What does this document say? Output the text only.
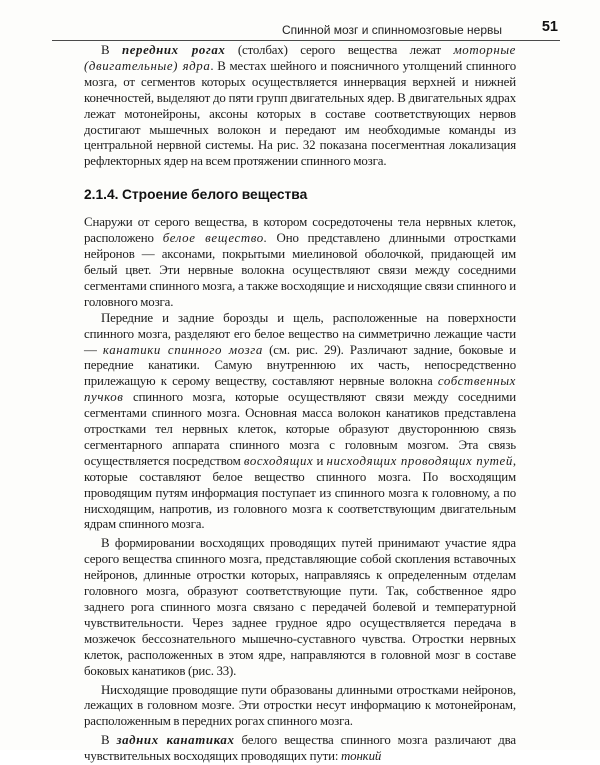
Спинной мозг и спинномозговые нервы	51

В передних рогах (столбах) серого вещества лежат моторные (двигательные) ядра. В местах шейного и поясничного утолщений спинного мозга, от сегментов которых осуществляется иннервация верхней и нижней конечностей, выделяют до пяти групп двигательных ядер. В двигательных ядрах лежат мотонейроны, аксоны которых в составе соответствующих нервов достигают мышечных волокон и передают им необходимые команды из центральной нервной системы. На рис. 32 показана посегментная локализация рефлекторных ядер на всем протяжении спинного мозга.

2.1.4. Строение белого вещества

Снаружи от серого вещества, в котором сосредоточены тела нервных клеток, расположено белое вещество. Оно представлено длинными отростками нейронов — аксонами, покрытыми миелиновой оболочкой, придающей им белый цвет. Эти нервные волокна осуществляют связи между соседними сегментами спинного мозга, а также восходящие и нисходящие связи спинного и головного мозга.

Передние и задние борозды и щель, расположенные на поверхности спинного мозга, разделяют его белое вещество на симметрично лежащие части — канатики спинного мозга (см. рис. 29). Различают задние, боковые и передние канатики. Самую внутреннюю их часть, непосредственно прилежащую к серому веществу, составляют нервные волокна собственных пучков спинного мозга, которые осуществляют связи между соседними сегментами спинного мозга. Основная масса волокон канатиков представлена отростками тел нервных клеток, которые образуют двустороннюю связь сегментарного аппарата спинного мозга с головным мозгом. Эта связь осуществляется посредством восходящих и нисходящих проводящих путей, которые составляют белое вещество спинного мозга. По восходящим проводящим путям информация поступает из спинного мозга к головному, а по нисходящим, напротив, из головного мозга к соответствующим двигательным ядрам спинного мозга.

В формировании восходящих проводящих путей принимают участие ядра серого вещества спинного мозга, представляющие собой скопления вставочных нейронов, длинные отростки которых, направляясь к определенным отделам головного мозга, образуют соответствующие пути. Так, собственное ядро заднего рога спинного мозга связано с передачей болевой и температурной чувствительности. Через заднее грудное ядро осуществляется передача в мозжечок бессознательного мышечно-суставного чувства. Отростки нервных клеток, расположенных в этом ядре, направляются в головной мозг в составе боковых канатиков (рис. 33).

Нисходящие проводящие пути образованы длинными отростками нейронов, лежащих в головном мозге. Эти отростки несут информацию к мотонейронам, расположенным в передних рогах спинного мозга.

В задних канатиках белого вещества спинного мозга различают два чувствительных восходящих проводящих пути: тонкий
